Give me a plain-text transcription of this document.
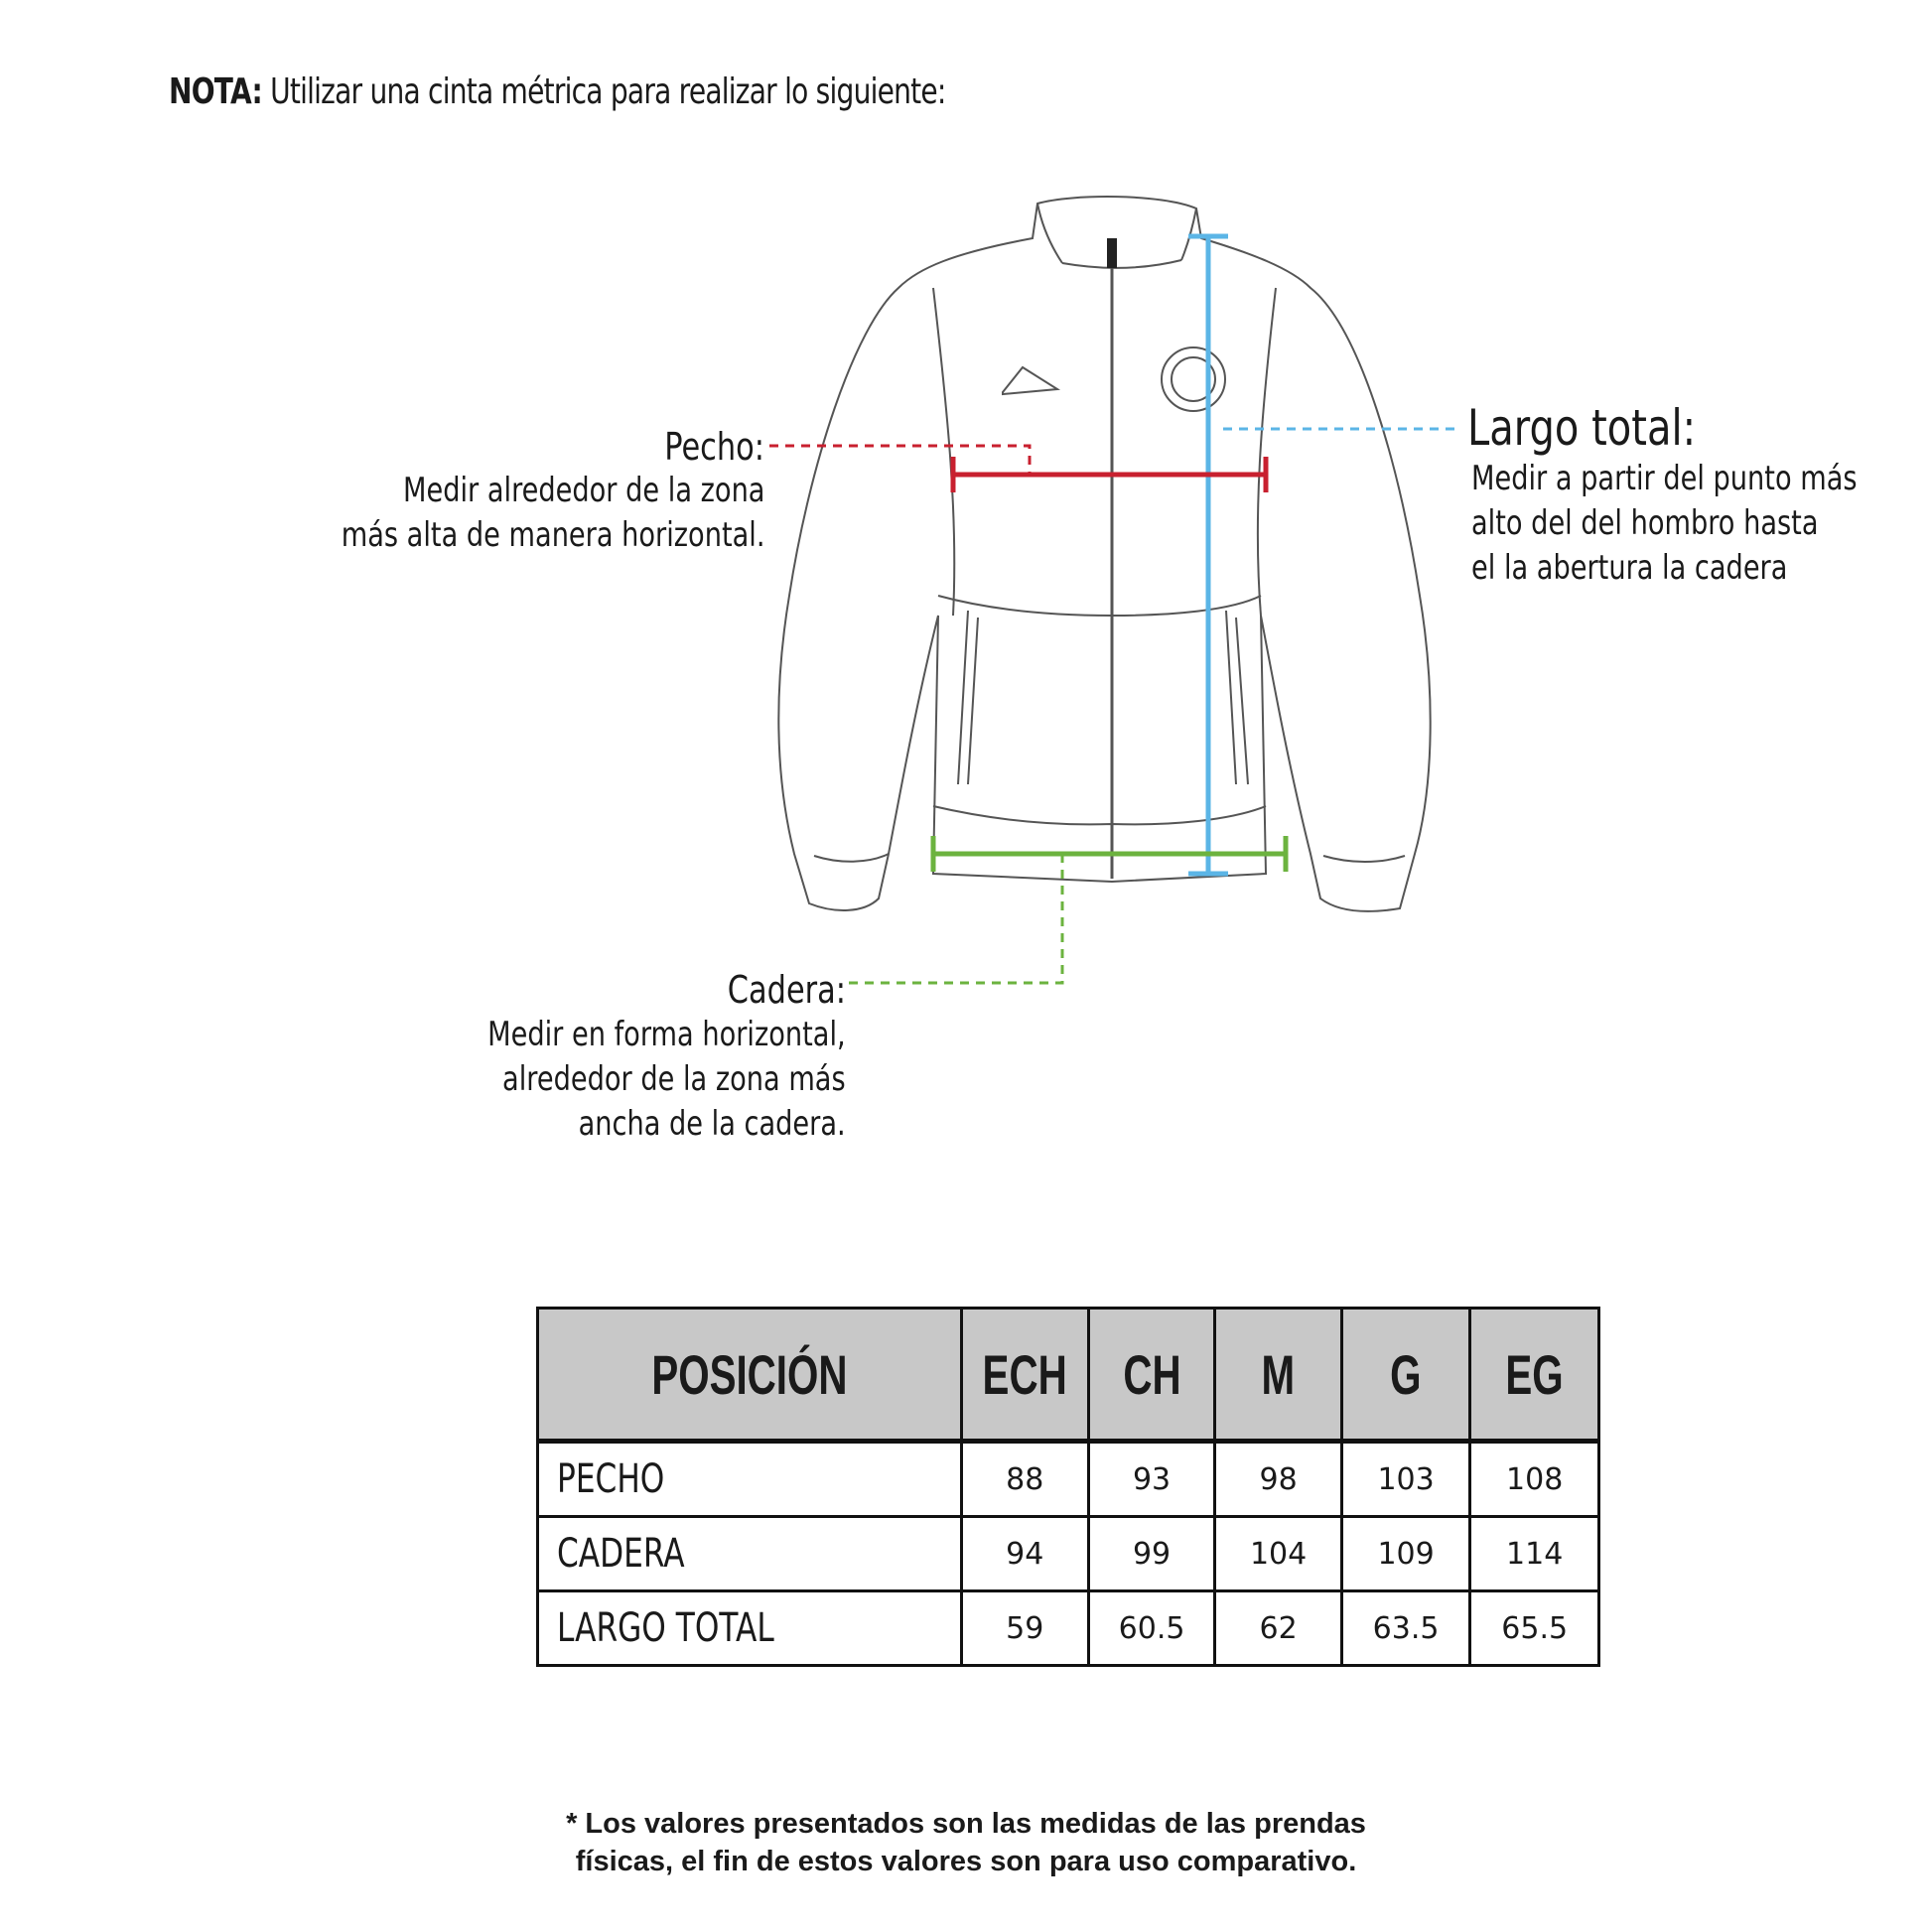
NOTA: Utilizar una cinta métrica para realizar lo siguiente:
Pecho:
Medir alrededor de la zona
más alta de manera horizontal.
Largo total:
Medir a partir del punto más
alto del del hombro hasta
el la abertura la cadera
Cadera:
Medir en forma horizontal,
alrededor de la zona más
ancha de la cadera.
POSICIÓN	ECH	CH	M	G	EG
PECHO	88	93	98	103	108
CADERA	94	99	104	109	114
LARGO TOTAL	59	60.5	62	63.5	65.5
* Los valores presentados son las medidas de las prendas
físicas, el fin de estos valores son para uso comparativo.
